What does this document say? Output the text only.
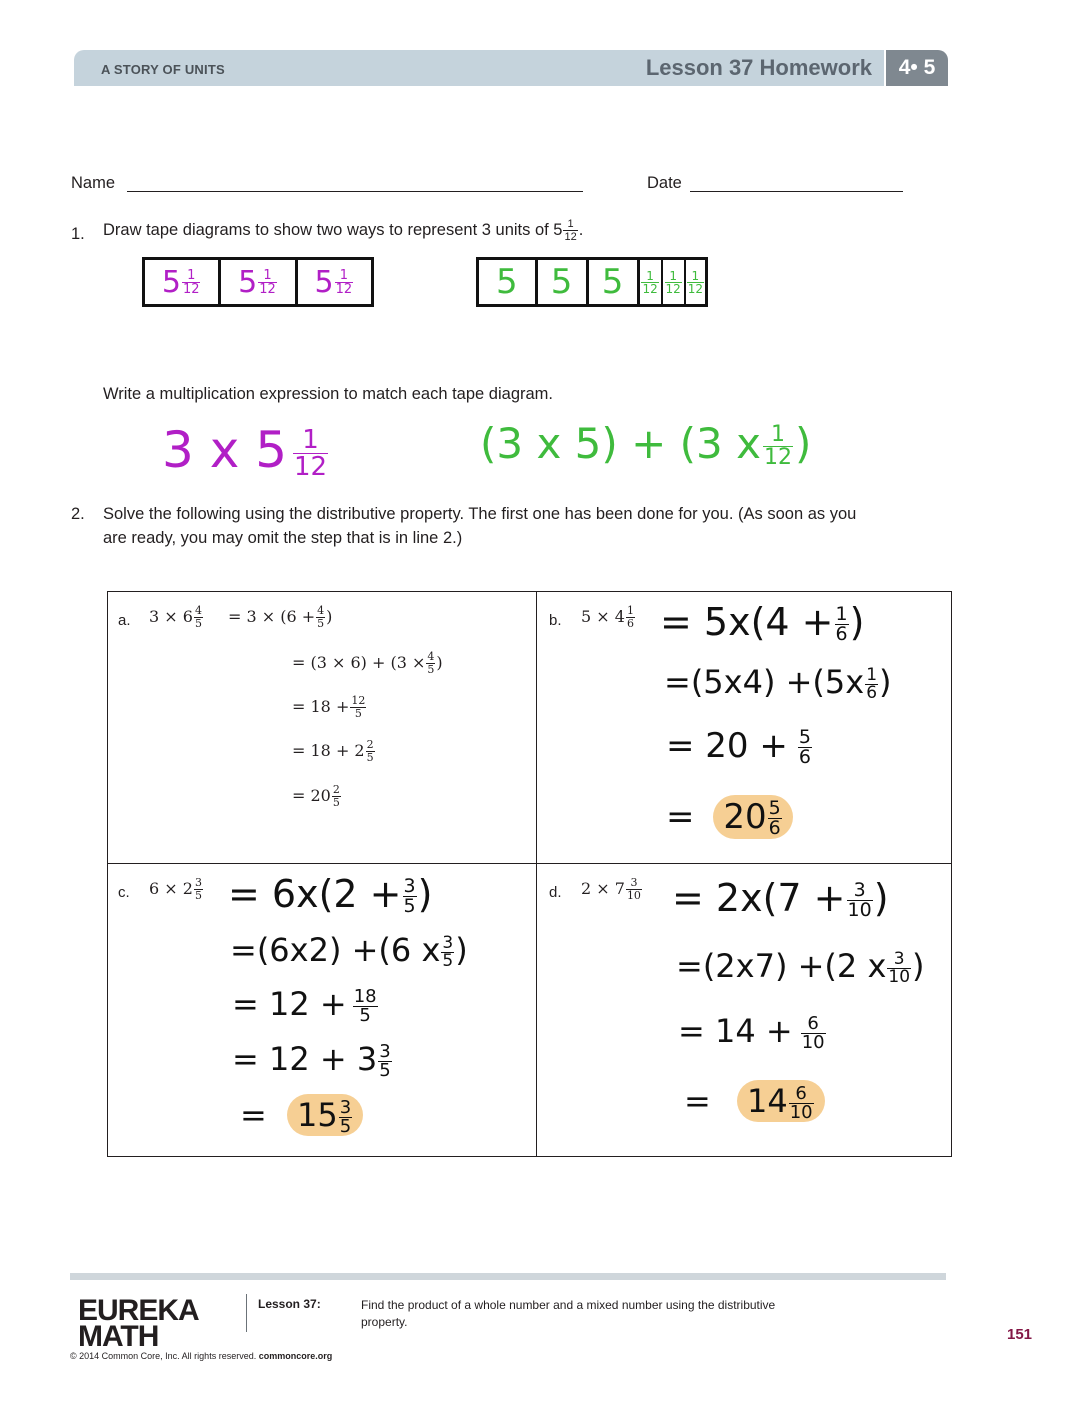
A STORY OF UNITS	Lesson 37 Homework	4• 5
Name	Date
1. Draw tape diagrams to show two ways to represent 3 units of $5 \frac{1}{12}$ .
$5 \frac{1}{12} 5 \frac{1}{12} 5 \frac{1}{12}$	5 5 5	$\frac{1}{12} \frac{1}{12} \frac{1}{12}$
Write a multiplication expression to match each tape diagram.
3 x $5 \frac{1}{12}$	(3 x 5) + (3 x $\frac{1}{12}$ )
2. Solve the following using the distributive property. The first one has been done for you. (As soon as you
are ready, you may omit the step that is in line 2.)
a. $3 \times 6 \frac{4}{5} = 3 \times (6 + \frac{4}{5}$ )
= $(3 \times 6) + (3 \times \frac{4}{5}$ )
= $18 + \frac{12}{5}$
= $18 + 2 \frac{2}{5}$
= $20 \frac{2}{5}$
b. $5 \times 4 \frac{1}{6} = 5x(4 + \frac{1}{6}$ )
$=(5x4) +(5x \frac{1}{6}$ )
= $20 + \frac{5}{6}$
= $20 \frac{5}{6}$
c. $6 \times 2 \frac{3}{5} = 6x(2 + \frac{3}{5}$ )
=(6x2) +(6 x $\frac{3}{5}$ )
= $12 + \frac{18}{5}$
= $12 + 3 \frac{3}{5}$
= $15 \frac{3}{5}$
d. $2 \times 7 \frac{3}{10} = 2x(7 + \frac{3}{10}$ )
=(2x7) +(2 x $\frac{3}{10}$ )
= $14 + \frac{6}{10}$
= $14 \frac{6}{10}$
EUREKA
MATH
Lesson 37:	Find the product of a whole number and a mixed number using the distributive property.
© 2014 Common Core, Inc. All rights reserved. commoncore.org
151
